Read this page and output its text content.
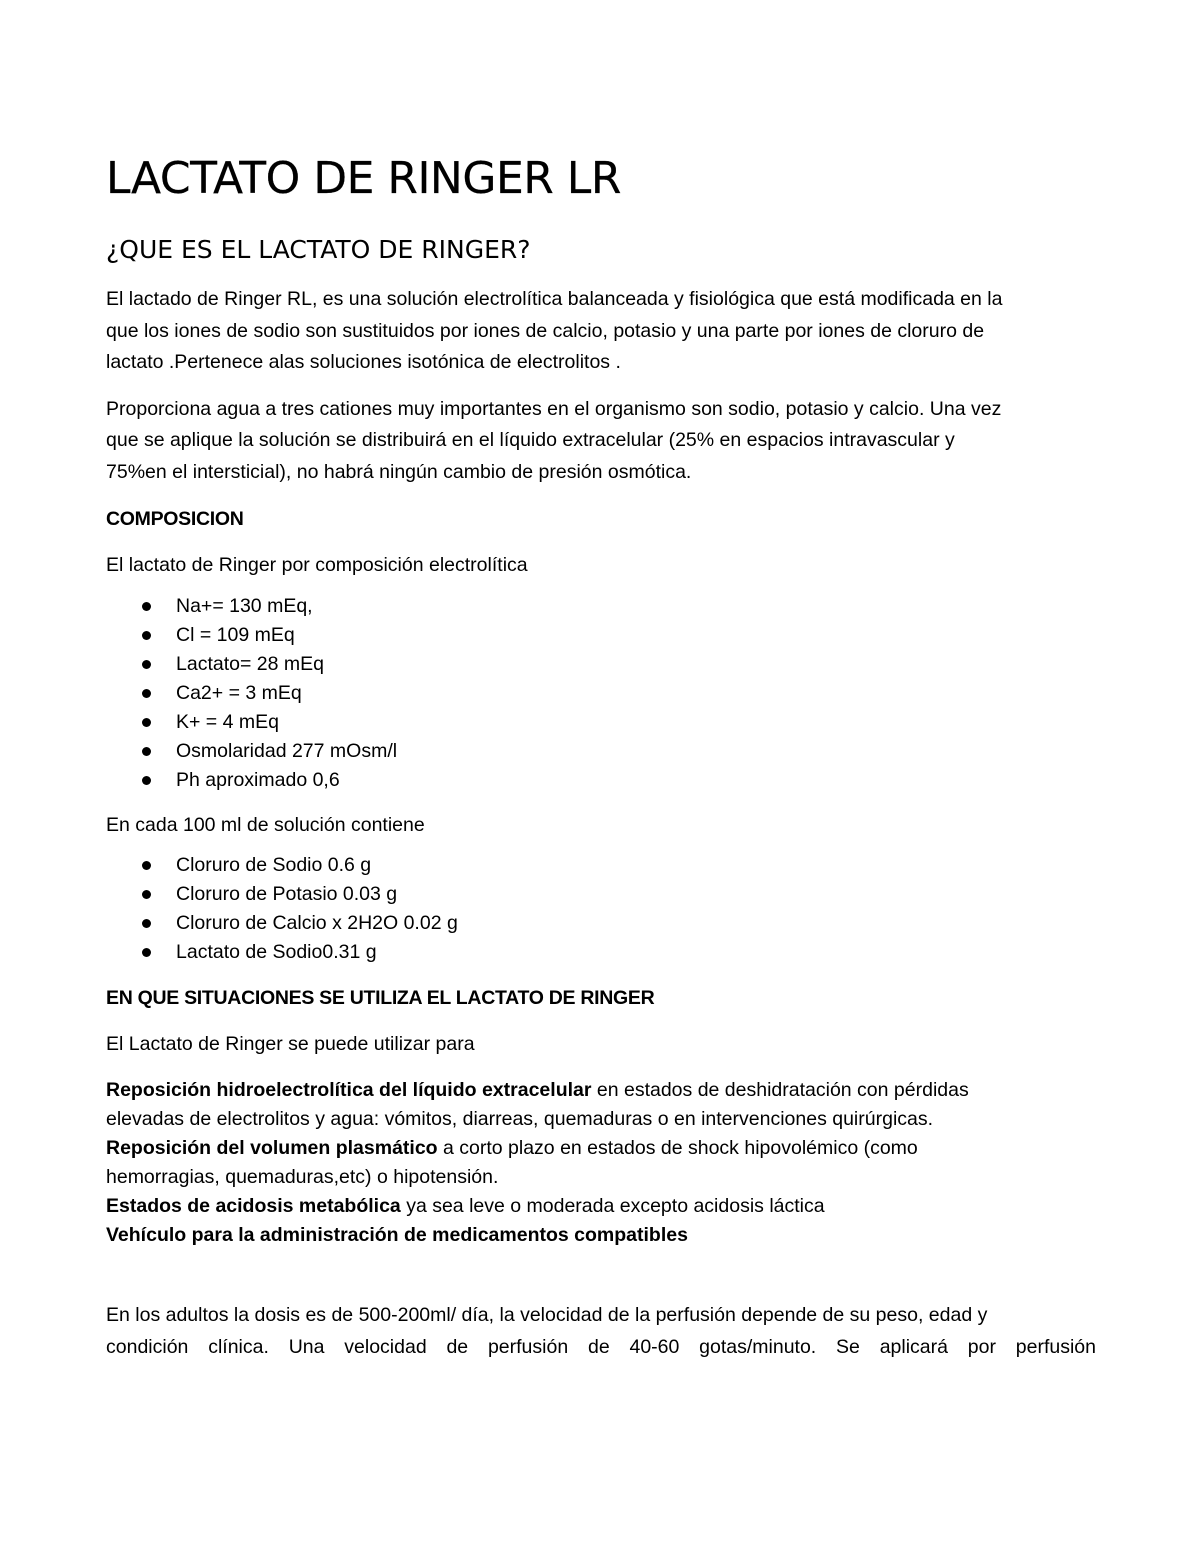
LACTATO DE RINGER LR
¿QUE ES EL LACTATO DE RINGER?

El lactado de Ringer RL, es una solución electrolítica balanceada y fisiológica que está modificada en la

que los iones de sodio son sustituidos por iones de calcio, potasio y una parte por iones de cloruro de

lactato .Pertenece alas soluciones isotónica de electrolitos .

Proporciona agua a tres cationes muy importantes en el organismo son sodio, potasio y calcio. Una vez

que se aplique la solución se distribuirá en el líquido extracelular (25% en espacios intravascular y

75%en el intersticial), no habrá ningún cambio de presión osmótica.

COMPOSICION

El lactato de Ringer por composición electrolítica

Na+= 130 mEq,
Cl = 109 mEq
Lactato= 28 mEq
Ca2+ = 3 mEq
K+ = 4 mEq
Osmolaridad 277 mOsm/l
Ph aproximado 0,6

En cada 100 ml de solución contiene

Cloruro de Sodio 0.6 g
Cloruro de Potasio 0.03 g
Cloruro de Calcio x 2H2O 0.02 g
Lactato de Sodio0.31 g
EN QUE SITUACIONES SE UTILIZA EL LACTATO DE RINGER

El Lactato de Ringer se puede utilizar para

Reposición hidroelectrolítica del líquido extracelular en estados de deshidratación con pérdidas

elevadas de electrolitos y agua: vómitos, diarreas, quemaduras o en intervenciones quirúrgicas.

Reposición del volumen plasmático a corto plazo en estados de shock hipovolémico (como

hemorragias, quemaduras,etc) o hipotensión.

Estados de acidosis metabólica ya sea leve o moderada excepto acidosis láctica

Vehículo para la administración de medicamentos compatibles

En los adultos la dosis es de 500-200ml/ día, la velocidad de la perfusión depende de su peso, edad y

condición clínica. Una velocidad de perfusión de 40-60 gotas/minuto. Se aplicará por perfusión
